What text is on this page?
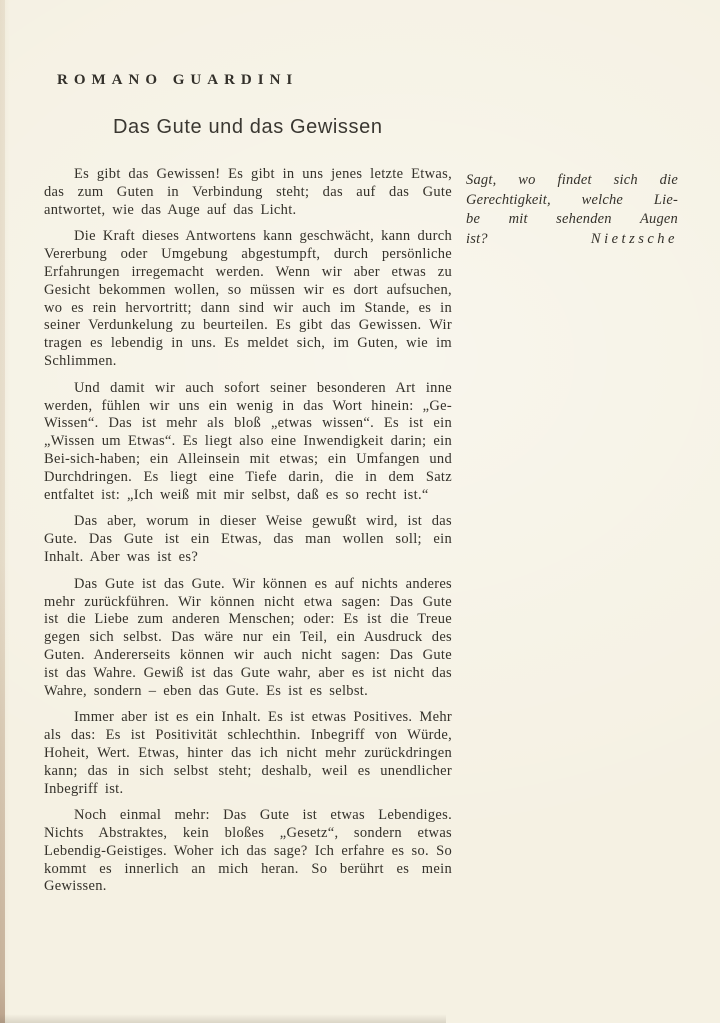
ROMANO GUARDINI
Das Gute und das Gewissen

Es gibt das Gewissen! Es gibt in uns jenes letzte Etwas, das zum Guten in Verbindung steht; das auf das Gute antwortet, wie das Auge auf das Licht.

Die Kraft dieses Antwortens kann geschwächt, kann durch Vererbung oder Umgebung abgestumpft, durch persönliche Erfahrungen irregemacht werden. Wenn wir aber etwas zu Gesicht bekommen wollen, so müssen wir es dort aufsuchen, wo es rein hervortritt; dann sind wir auch im Stande, es in seiner Verdunkelung zu beurteilen. Es gibt das Gewissen. Wir tragen es lebendig in uns. Es meldet sich, im Guten, wie im Schlimmen.

Und damit wir auch sofort seiner besonderen Art inne werden, fühlen wir uns ein wenig in das Wort hinein: „Ge-Wissen“. Das ist mehr als bloß „etwas wissen“. Es ist ein „Wissen um Etwas“. Es liegt also eine Inwendigkeit darin; ein Bei-sich-haben; ein Alleinsein mit etwas; ein Umfangen und Durchdringen. Es liegt eine Tiefe darin, die in dem Satz entfaltet ist: „Ich weiß mit mir selbst, daß es so recht ist.“

Das aber, worum in dieser Weise gewußt wird, ist das Gute. Das Gute ist ein Etwas, das man wollen soll; ein Inhalt. Aber was ist es?

Das Gute ist das Gute. Wir können es auf nichts anderes mehr zurückführen. Wir können nicht etwa sagen: Das Gute ist die Liebe zum anderen Menschen; oder: Es ist die Treue gegen sich selbst. Das wäre nur ein Teil, ein Ausdruck des Guten. Andererseits können wir auch nicht sagen: Das Gute ist das Wahre. Gewiß ist das Gute wahr, aber es ist nicht das Wahre, sondern – eben das Gute. Es ist es selbst.

Immer aber ist es ein Inhalt. Es ist etwas Positives. Mehr als das: Es ist Positivität schlechthin. Inbegriff von Würde, Hoheit, Wert. Etwas, hinter das ich nicht mehr zurückdringen kann; das in sich selbst steht; deshalb, weil es unendlicher Inbegriff ist.

Noch einmal mehr: Das Gute ist etwas Lebendiges. Nichts Abstraktes, kein bloßes „Gesetz“, sondern etwas Lebendig-Geistiges. Woher ich das sage? Ich erfahre es so. So kommt es innerlich an mich heran. So berührt es mein Gewissen.

Sagt, wo findet sich die
Gerechtigkeit, welche Lie-
be mit sehenden Augen
ist?	Nietzsche
